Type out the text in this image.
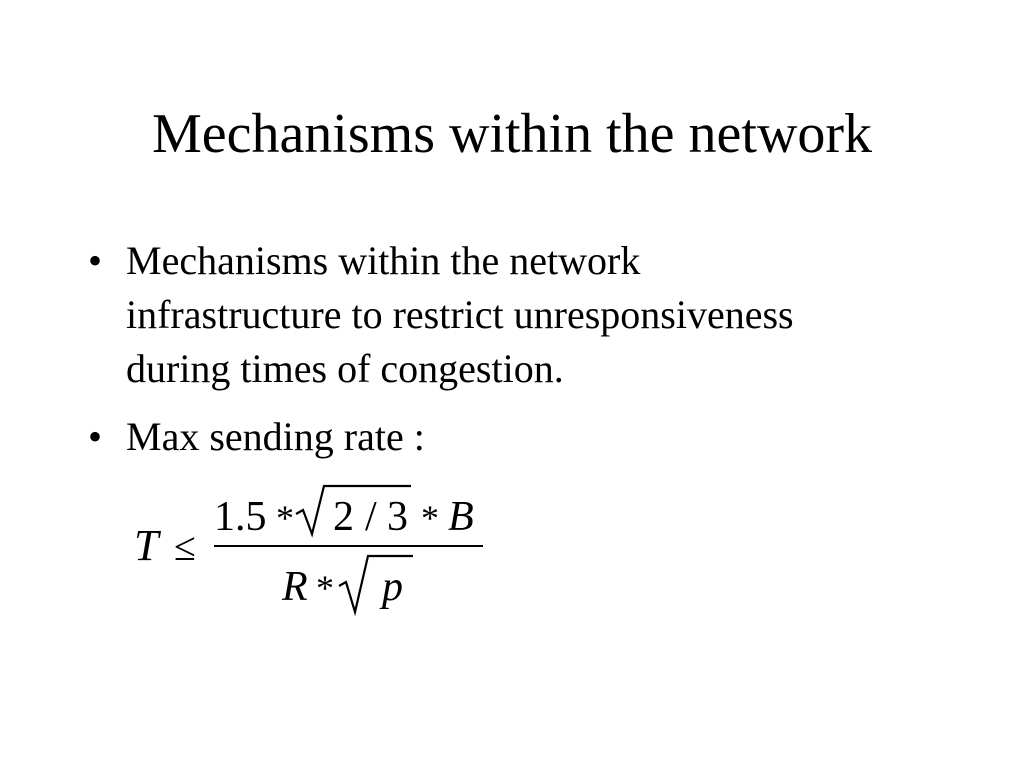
Mechanisms within the network
• Mechanisms within the network
infrastructure to restrict unresponsiveness
during times of congestion.
• Max sending rate :
T ≤
1.5 * 2 / 3 * B
R * p
